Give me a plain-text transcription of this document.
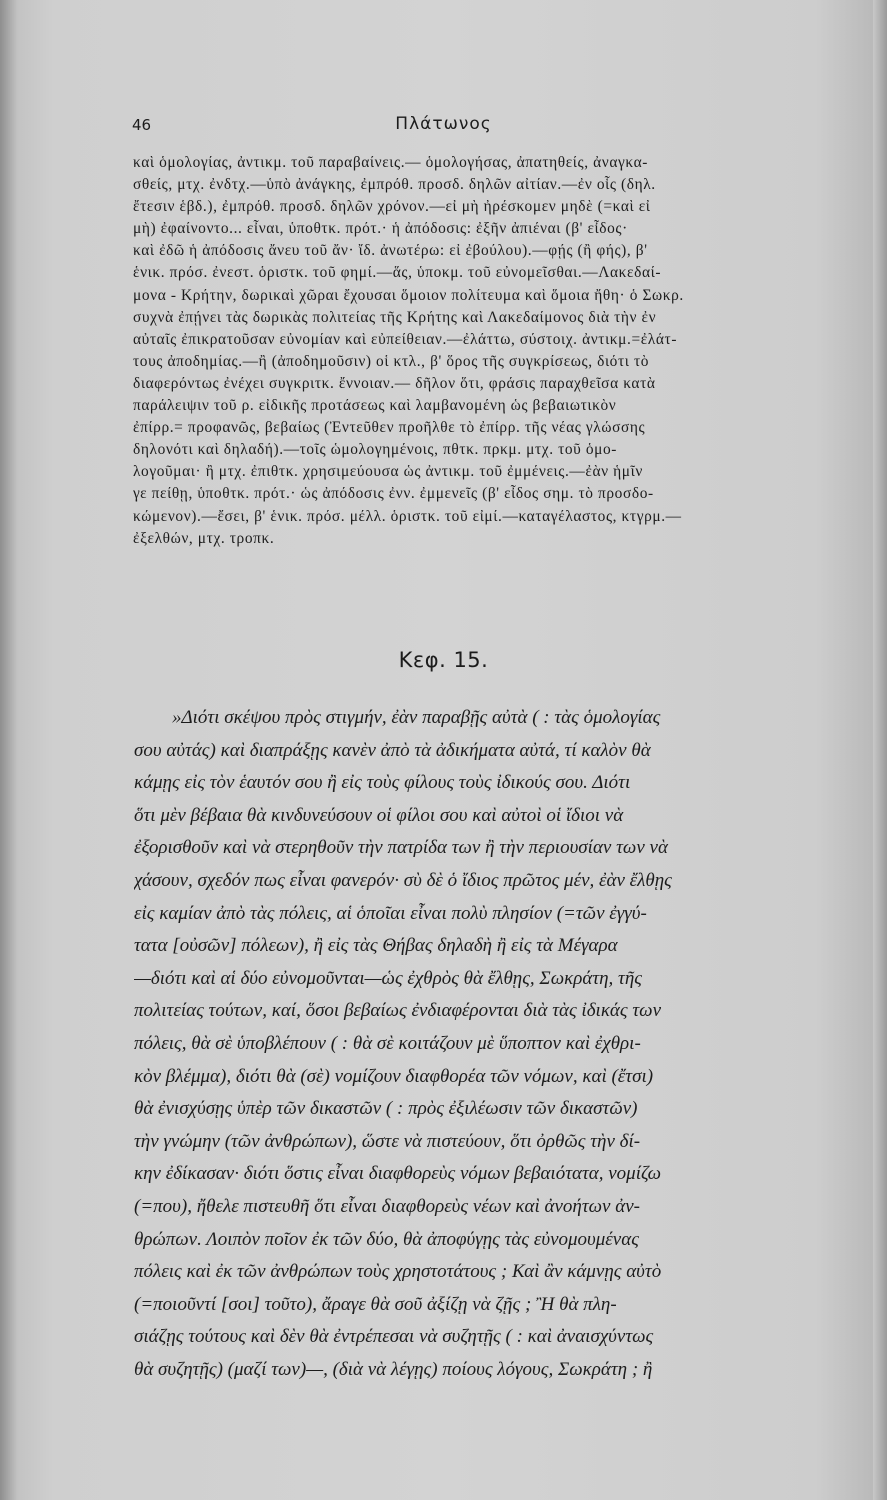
46	Πλάτωνος
καὶ ὁμολογίας, ἀντικμ. τοῦ παραβαίνεις.— ὁμολογήσας, ἀπατηθείς, ἀναγκα-
σθείς, μτχ. ἐνδτχ.—ὑπὸ ἀνάγκης, ἐμπρόθ. προσδ. δηλῶν αἰτίαν.—ἐν οἷς (δηλ.
ἔτεσιν ἑβδ.), ἐμπρόθ. προσδ. δηλῶν χρόνον.—εἰ μὴ ἠρέσκομεν μηδὲ (=καὶ εἰ
μὴ) ἐφαίνοντο... εἶναι, ὑποθτκ. πρότ.· ἡ ἀπόδοσις: ἐξῆν ἀπιέναι (β' εἶδος·
καὶ ἐδῶ ἡ ἀπόδοσις ἄνευ τοῦ ἄν· ἴδ. ἀνωτέρω: εἰ ἐβούλου).—φῄς (ἢ φής), β'
ἑνικ. πρόσ. ἐνεστ. ὁριστκ. τοῦ φημί.—ἅς, ὑποκμ. τοῦ εὐνομεῖσθαι.—Λακεδαί-
μονα - Κρήτην, δωρικαὶ χῶραι ἔχουσαι ὅμοιον πολίτευμα καὶ ὅμοια ἤθη· ὁ Σωκρ.
συχνὰ ἐπῄνει τὰς δωρικὰς πολιτείας τῆς Κρήτης καὶ Λακεδαίμονος διὰ τὴν ἐν
αὐταῖς ἐπικρατοῦσαν εὐνομίαν καὶ εὐπείθειαν.—ἐλάττω, σύστοιχ. ἀντικμ.=ἐλάτ-
τους ἀποδημίας.—ἢ (ἀποδημοῦσιν) οἱ κτλ., β' ὅρος τῆς συγκρίσεως, διότι τὸ
διαφερόντως ἐνέχει συγκριτκ. ἔννοιαν.— δῆλον ὅτι, φράσις παραχθεῖσα κατὰ
παράλειψιν τοῦ ρ. εἰδικῆς προτάσεως καὶ λαμβανομένη ὡς βεβαιωτικὸν
ἐπίρρ.= προφανῶς, βεβαίως (Ἐντεῦθεν προῆλθε τὸ ἐπίρρ. τῆς νέας γλώσσης
δηλονότι καὶ δηλαδή).—τοῖς ὡμολογημένοις, πθτκ. πρκμ. μτχ. τοῦ ὁμο-
λογοῦμαι· ἢ μτχ. ἐπιθτκ. χρησιμεύουσα ὡς ἀντικμ. τοῦ ἐμμένεις.—ἐὰν ἡμῖν
γε πείθῃ, ὑποθτκ. πρότ.· ὡς ἀπόδοσις ἐνν. ἐμμενεῖς (β' εἶδος σημ. τὸ προσδο-
κώμενον).—ἔσει, β' ἑνικ. πρόσ. μέλλ. ὁριστκ. τοῦ εἰμί.—καταγέλαστος, κτγρμ.—
ἐξελθών, μτχ. τροπκ.
Κεφ. 15.
»Διότι σκέψου πρὸς στιγμήν, ἐὰν παραβῇς αὐτὰ ( : τὰς ὁμολογίας
σου αὐτάς) καὶ διαπράξῃς κανὲν ἀπὸ τὰ ἀδικήματα αὐτά, τί καλὸν θὰ
κάμῃς εἰς τὸν ἑαυτόν σου ἢ εἰς τοὺς φίλους τοὺς ἰδικούς σου. Διότι
ὅτι μὲν βέβαια θὰ κινδυνεύσουν οἱ φίλοι σου καὶ αὐτοὶ οἱ ἴδιοι νὰ
ἐξορισθοῦν καὶ νὰ στερηθοῦν τὴν πατρίδα των ἢ τὴν περιουσίαν των νὰ
χάσουν, σχεδόν πως εἶναι φανερόν· σὺ δὲ ὁ ἴδιος πρῶτος μέν, ἐὰν ἔλθῃς
εἰς καμίαν ἀπὸ τὰς πόλεις, αἱ ὁποῖαι εἶναι πολὺ πλησίον (=τῶν ἐγγύ-
τατα [οὐσῶν] πόλεων), ἢ εἰς τὰς Θήβας δηλαδὴ ἢ εἰς τὰ Μέγαρα
—διότι καὶ αἱ δύο εὐνομοῦνται—ὡς ἐχθρὸς θὰ ἔλθῃς, Σωκράτη, τῆς
πολιτείας τούτων, καί, ὅσοι βεβαίως ἐνδιαφέρονται διὰ τὰς ἰδικάς των
πόλεις, θὰ σὲ ὑποβλέπουν ( : θὰ σὲ κοιτάζουν μὲ ὕποπτον καὶ ἐχθρι-
κὸν βλέμμα), διότι θὰ (σὲ) νομίζουν διαφθορέα τῶν νόμων, καὶ (ἔτσι)
θὰ ἐνισχύσῃς ὑπὲρ τῶν δικαστῶν ( : πρὸς ἐξιλέωσιν τῶν δικαστῶν)
τὴν γνώμην (τῶν ἀνθρώπων), ὥστε νὰ πιστεύουν, ὅτι ὀρθῶς τὴν δί-
κην ἐδίκασαν· διότι ὅστις εἶναι διαφθορεὺς νόμων βεβαιότατα, νομίζω
(=που), ἤθελε πιστευθῆ ὅτι εἶναι διαφθορεὺς νέων καὶ ἀνοήτων ἀν-
θρώπων. Λοιπὸν ποῖον ἐκ τῶν δύο, θὰ ἀποφύγῃς τὰς εὐνομουμένας
πόλεις καὶ ἐκ τῶν ἀνθρώπων τοὺς χρηστοτάτους ; Καὶ ἂν κάμνῃς αὐτὸ
(=ποιοῦντί [σοι] τοῦτο), ἄραγε θὰ σοῦ ἀξίζῃ νὰ ζῇς ; Ἢ θὰ πλη-
σιάζῃς τούτους καὶ δὲν θὰ ἐντρέπεσαι νὰ συζητῇς ( : καὶ ἀναισχύντως
θὰ συζητῇς) (μαζί των)—, (διὰ νὰ λέγῃς) ποίους λόγους, Σωκράτη ; ἢ
